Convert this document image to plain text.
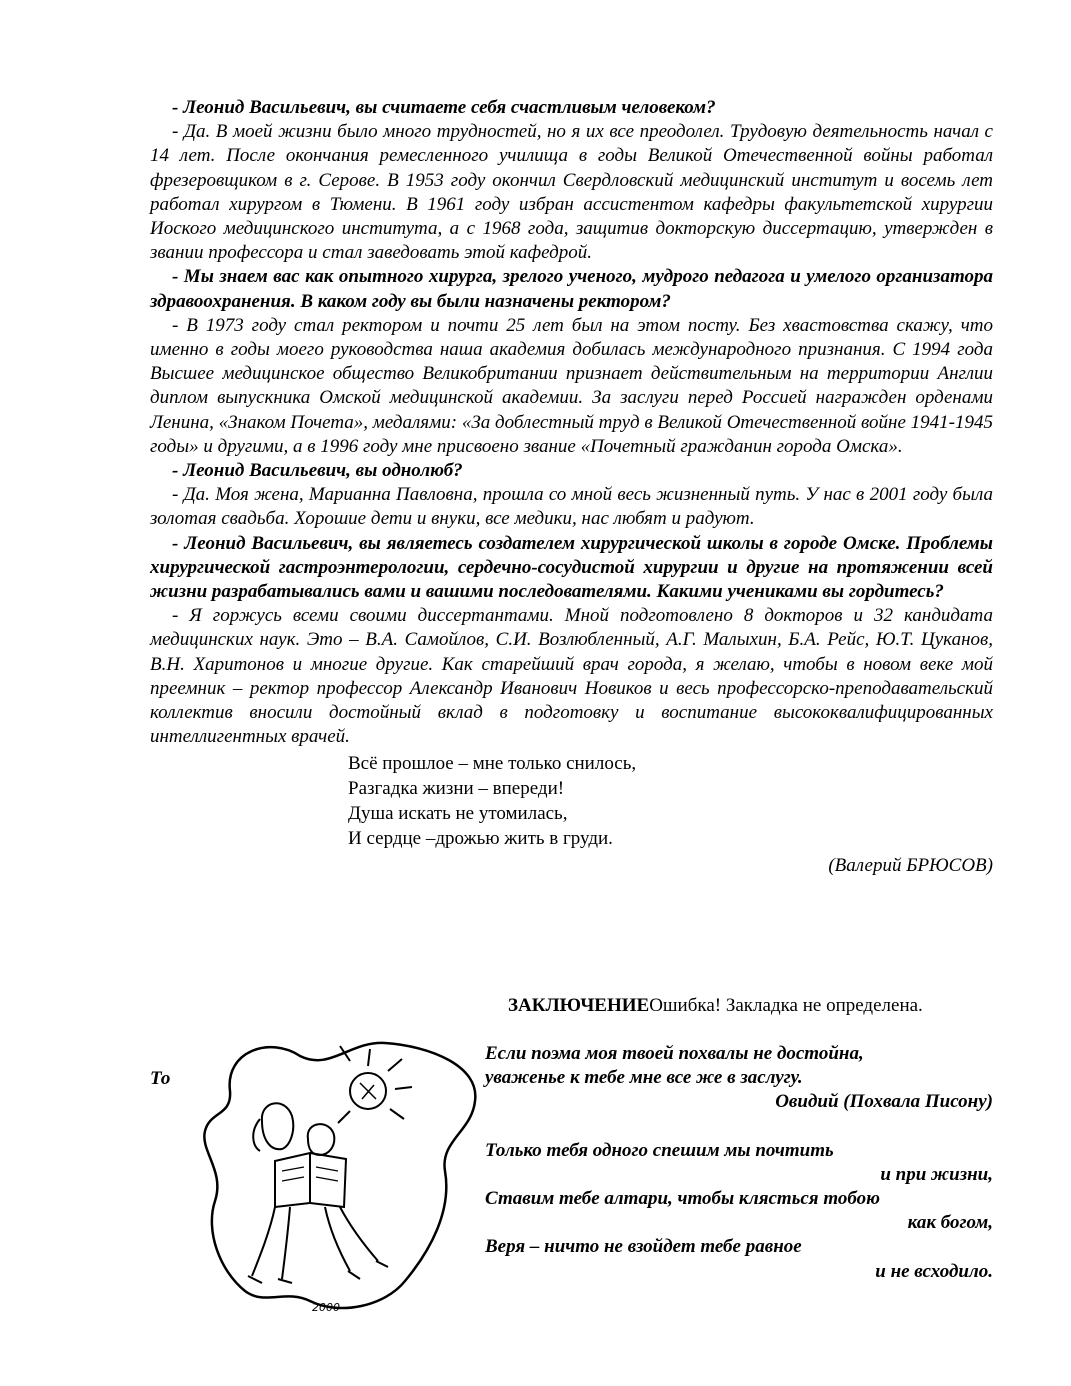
- Леонид Васильевич, вы считаете себя счастливым человеком?

- Да. В моей жизни было много трудностей, но я их все преодолел. Трудовую деятельность начал с 14 лет. После окончания ремесленного училища в годы Великой Отечественной войны работал фрезеровщиком в г. Серове. В 1953 году окончил Свердловский медицинский институт и восемь лет работал хирургом в Тюмени. В 1961 году избран ассистентом кафедры факультетской хирургии Иоского медицинского института, а с 1968 года, защитив докторскую диссертацию, утвержден в звании профессора и стал заведовать этой кафедрой.

- Мы знаем вас как опытного хирурга, зрелого ученого, мудрого педагога и умелого организатора здравоохранения. В каком году вы были назначены ректором?

- В 1973 году стал ректором и почти 25 лет был на этом посту. Без хвастовства скажу, что именно в годы моего руководства наша академия добилась международного признания. С 1994 года Высшее медицинское общество Великобритании признает действительным на территории Англии диплом выпускника Омской медицинской академии. За заслуги перед Россией награжден орденами Ленина, «Знаком Почета», медалями: «За доблестный труд в Великой Отечественной войне 1941-1945 годы» и другими, а в 1996 году мне присвоено звание «Почетный гражданин города Омска».

- Леонид Васильевич, вы однолюб?

- Да. Моя жена, Марианна Павловна, прошла со мной весь жизненный путь. У нас в 2001 году была золотая свадьба. Хорошие дети и внуки, все медики, нас любят и радуют.

- Леонид Васильевич, вы являетесь создателем хирургической школы в городе Омске. Проблемы хирургической гастроэнтерологии, сердечно-сосудистой хирургии и другие на протяжении всей жизни разрабатывались вами и вашими последователями. Какими учениками вы гордитесь?

- Я горжусь всеми своими диссертантами. Мной подготовлено 8 докторов и 32 кандидата медицинских наук. Это – В.А. Самойлов, С.И. Возлюбленный, А.Г. Малыхин, Б.А. Рейс, Ю.Т. Цуканов, В.Н. Харитонов и многие другие. Как старейший врач города, я желаю, чтобы в новом веке мой преемник – ректор профессор Александр Иванович Новиков и весь профессорско-преподавательский коллектив вносили достойный вклад в подготовку и воспитание высококвалифицированных интеллигентных врачей.

Всё прошлое – мне только снилось,
Разгадка жизни – впереди!
Душа искать не утомилась,
И сердце –дрожью жить в груди.
(Валерий БРЮСОВ)
ЗАКЛЮЧЕНИЕОшибка! Закладка не определена.
То
2000
Если поэма моя твоей похвалы не достойна,
уваженье к тебе мне все же в заслугу.
Овидий (Похвала Писону)
Только тебя одного спешим мы почтить
и при жизни,
Ставим тебе алтари, чтобы клясться тобою
как богом,
Веря – ничто не взойдет тебе равное
и не всходило.
